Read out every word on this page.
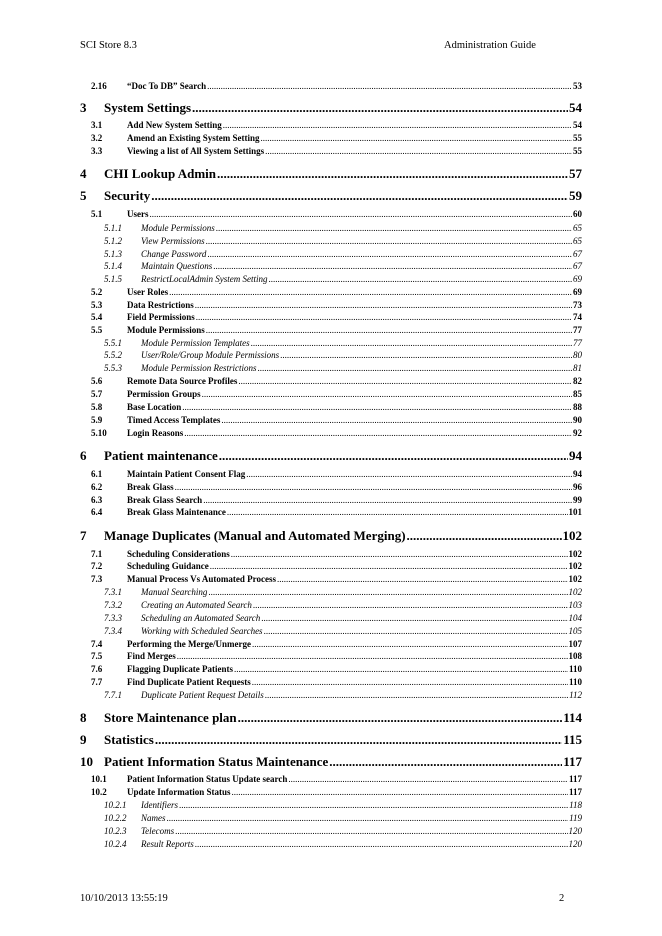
SCI Store 8.3	Administration Guide
2.16	“Doc To DB” Search .....	53
3	System Settings .....	54
3.1	Add New System Setting .....	54
3.2	Amend an Existing System Setting .....	55
3.3	Viewing a list of All System Settings .....	55
4	CHI Lookup Admin .....	57
5	Security .....	59
5.1	Users .....	60
5.1.1	Module Permissions .....	65
5.1.2	View Permissions .....	65
5.1.3	Change Password .....	67
5.1.4	Maintain Questions .....	67
5.1.5	RestrictLocalAdmin System Setting .....	69
5.2	User Roles .....	69
5.3	Data Restrictions .....	73
5.4	Field Permissions .....	74
5.5	Module Permissions .....	77
5.5.1	Module Permission Templates .....	77
5.5.2	User/Role/Group Module Permissions .....	80
5.5.3	Module Permission Restrictions .....	81
5.6	Remote Data Source Profiles .....	82
5.7	Permission Groups .....	85
5.8	Base Location .....	88
5.9	Timed Access Templates .....	90
5.10	Login Reasons .....	92
6	Patient maintenance .....	94
6.1	Maintain Patient Consent Flag .....	94
6.2	Break Glass .....	96
6.3	Break Glass Search .....	99
6.4	Break Glass Maintenance .....	101
7	Manage Duplicates (Manual and Automated Merging) .....	102
7.1	Scheduling Considerations .....	102
7.2	Scheduling Guidance .....	102
7.3	Manual Process Vs Automated Process .....	102
7.3.1	Manual Searching .....	102
7.3.2	Creating an Automated Search .....	103
7.3.3	Scheduling an Automated Search .....	104
7.3.4	Working with Scheduled Searches .....	105
7.4	Performing the Merge/Unmerge .....	107
7.5	Find Merges .....	108
7.6	Flagging Duplicate Patients .....	110
7.7	Find Duplicate Patient Requests .....	110
7.7.1	Duplicate Patient Request Details .....	112
8	Store Maintenance plan .....	114
9	Statistics .....	115
10 Patient Information Status Maintenance .....	117
10.1	Patient Information Status Update search .....	117
10.2	Update Information Status .....	117
10.2.1	Identifiers .....	118
10.2.2	Names .....	119
10.2.3	Telecoms .....	120
10.2.4	Result Reports .....	120
10/10/2013 13:55:19	2
